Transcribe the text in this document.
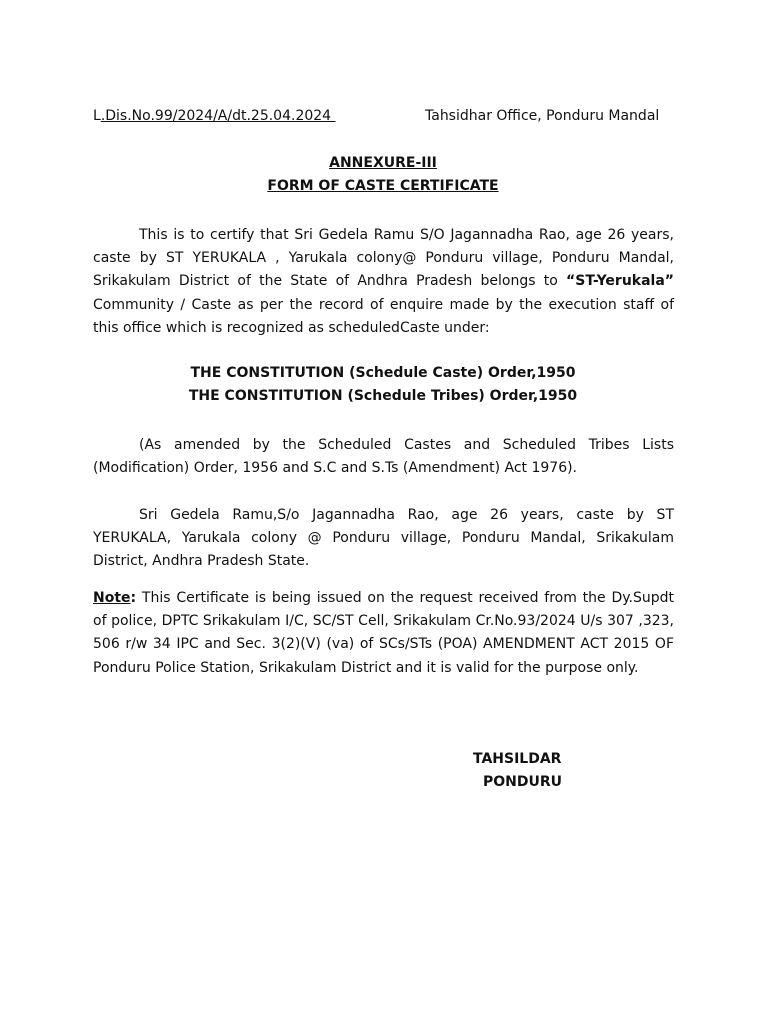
L.Dis.No.99/2024/A/dt.25.04.2024	Tahsidhar Office, Ponduru Mandal
ANNEXURE-III
FORM OF CASTE CERTIFICATE
This is to certify that Sri Gedela Ramu S/O Jagannadha Rao, age 26 years, caste by ST YERUKALA , Yarukala colony@ Ponduru village, Ponduru Mandal, Srikakulam District of the State of Andhra Pradesh belongs to “ST-Yerukala” Community / Caste as per the record of enquire made by the execution staff of this office which is recognized as scheduledCaste under:
THE CONSTITUTION (Schedule Caste) Order,1950
THE CONSTITUTION (Schedule Tribes) Order,1950
(As amended by the Scheduled Castes and Scheduled Tribes Lists (Modification) Order, 1956 and S.C and S.Ts (Amendment) Act 1976).
Sri Gedela Ramu,S/o Jagannadha Rao, age 26 years, caste by ST YERUKALA, Yarukala colony @ Ponduru village, Ponduru Mandal, Srikakulam District, Andhra Pradesh State.
Note: This Certificate is being issued on the request received from the Dy.Supdt of police, DPTC Srikakulam I/C, SC/ST Cell, Srikakulam Cr.No.93/2024 U/s 307 ,323, 506 r/w 34 IPC and Sec. 3(2)(V) (va) of SCs/STs (POA) AMENDMENT ACT 2015 OF Ponduru Police Station, Srikakulam District and it is valid for the purpose only.
TAHSILDAR
PONDURU
